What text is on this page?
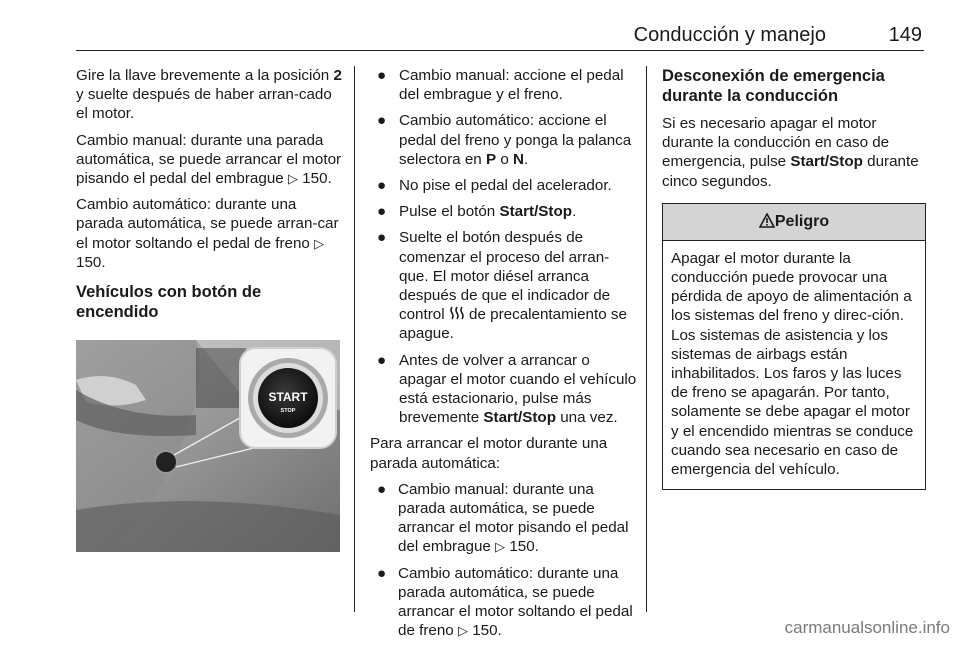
Conducción y manejo	149

Gire la llave brevemente a la posición 2 y suelte después de haber arran-cado el motor.

Cambio manual: durante una parada automática, se puede arrancar el motor pisando el pedal del embrague ▷ 150.

Cambio automático: durante una parada automática, se puede arran-car el motor soltando el pedal de freno ▷ 150.

Vehículos con botón de encendido
START
STOP
● Cambio manual: accione el pedal del embrague y el freno.
● Cambio automático: accione el pedal del freno y ponga la palanca selectora en P o N.
● No pise el pedal del acelerador.
● Pulse el botón Start/Stop.
● Suelte el botón después de comenzar el proceso del arran-que. El motor diésel arranca después de que el indicador de control  de precalentamiento se apague.
● Antes de volver a arrancar o apagar el motor cuando el vehículo está estacionario, pulse más brevemente Start/Stop una vez.

Para arrancar el motor durante una parada automática:

● Cambio manual: durante una parada automática, se puede arrancar el motor pisando el pedal del embrague ▷ 150.
● Cambio automático: durante una parada automática, se puede arrancar el motor soltando el pedal de freno ▷ 150.
Desconexión de emergencia durante la conducción

Si es necesario apagar el motor durante la conducción en caso de emergencia, pulse Start/Stop durante cinco segundos.

Peligro
Apagar el motor durante la conducción puede provocar una pérdida de apoyo de alimentación a los sistemas del freno y direc-ción. Los sistemas de asistencia y los sistemas de airbags están inhabilitados. Los faros y las luces de freno se apagarán. Por tanto, solamente se debe apagar el motor y el encendido mientras se conduce cuando sea necesario en caso de emergencia del vehículo.
carmanualsonline.info
